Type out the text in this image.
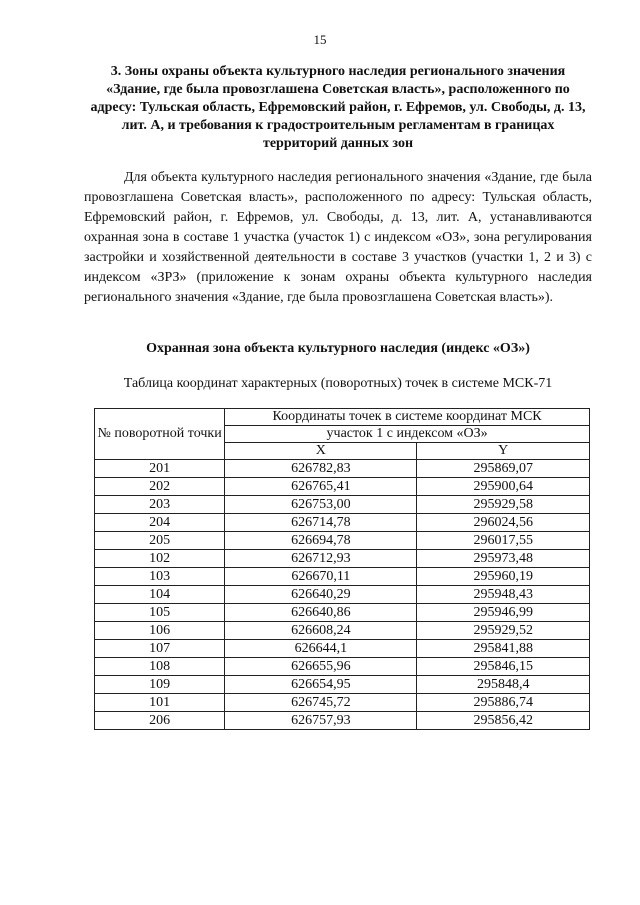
15
3. Зоны охраны объекта культурного наследия регионального значения «Здание, где была провозглашена Советская власть», расположенного по адресу: Тульская область, Ефремовский район, г. Ефремов, ул. Свободы, д. 13, лит. А, и требования к градостроительным регламентам в границах территорий данных зон
Для объекта культурного наследия регионального значения «Здание, где была провозглашена Советская власть», расположенного по адресу: Тульская область, Ефремовский район, г. Ефремов, ул. Свободы, д. 13, лит. А, устанавливаются охранная зона в составе 1 участка (участок 1) с индексом «ОЗ», зона регулирования застройки и хозяйственной деятельности в составе 3 участков (участки 1, 2 и 3) с индексом «ЗРЗ» (приложение к зонам охраны объекта культурного наследия регионального значения «Здание, где была провозглашена Советская власть»).
Охранная зона объекта культурного наследия (индекс «ОЗ»)
Таблица координат характерных (поворотных) точек в системе МСК-71
№ поворотной точки	Координаты точек в системе координат МСК	
	участок 1 с индексом «ОЗ»	
	X	Y
201	626782,83	295869,07
202	626765,41	295900,64
203	626753,00	295929,58
204	626714,78	296024,56
205	626694,78	296017,55
102	626712,93	295973,48
103	626670,11	295960,19
104	626640,29	295948,43
105	626640,86	295946,99
106	626608,24	295929,52
107	626644,1	295841,88
108	626655,96	295846,15
109	626654,95	295848,4
101	626745,72	295886,74
206	626757,93	295856,42
